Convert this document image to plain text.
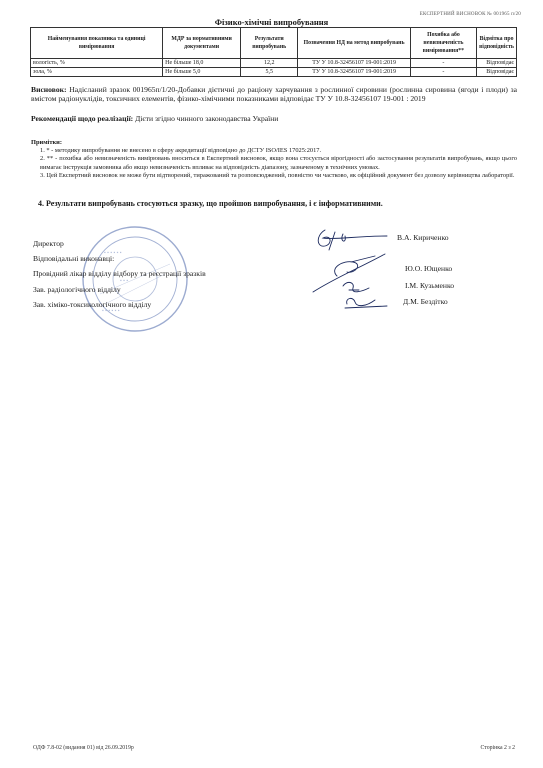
ЕКСПЕРТНИЙ ВИСНОВОК № 001965 п/20
Фізико-хімічні випробування
Найменування показника та одиниці вимірювання	МДР за нормативними документами	Результати випробувань	Позначення НД на метод випробувань	Похибка або невизначеність вимірювання**	Відмітка про відповідність
вологість, %	Не більше 18,0	12,2	ТУ У 10.8-32456107 19-001:2019	-	Відповідає
зола, %	Не більше 5,0	5,5	ТУ У 10.8-32456107 19-001:2019	-	Відповідає
Висновок: Надісланий зразок 001965п/1/20-Добавки дієтичні до раціону харчування з рослинної сировини (рослинна сировина (ягоди і плоди) за вмістом радіонуклідів, токсичних елементів, фізико-хімічними показниками відповідає ТУ У 10.8-32456107 19-001 : 2019
Рекомендації щодо реалізації: Дієти згідно чинного законодавства України
Примітки:
1. * - методику випробування не внесено в сферу акредитації відповідно до ДСТУ ISO/IES 17025:2017.
2. ** - похибка або невизначеність вимірювань вноситься в Експертний висновок, якщо вона стосується вірогідності або застосування результатів випробувань, якщо цього вимагає інструкція замовника або якщо невизначеність впливає на відповідність діапазону, зазначеному в технічних умовах.
3. Цей Експертний висновок не може бути відтворений, тиражований та розповсюджений, повністю чи частково, як офіційний документ без дозволу керівництва лабораторії.
4. Результати випробувань стосуються зразку, що пройшов випробування, і є інформативними.
▪ ▪ ▪ ▪ ▪ ▪
▪ ▪ ▪
▪ ▪ ▪ ▪ ▪ ▪
Директор
В.А. Кириченко
Відповідальні виконавці:
Провідний лікар відділу відбору та реєстрації зразків
Ю.О. Ющенко
Зав. радіологічного відділу	І.М. Кузьменко
Зав. хіміко-токсикологічного відділу	Д.М. Бездітко
ОДФ 7.8-02 (видання 01) від 26.09.2019р	Сторінка 2 з 2
